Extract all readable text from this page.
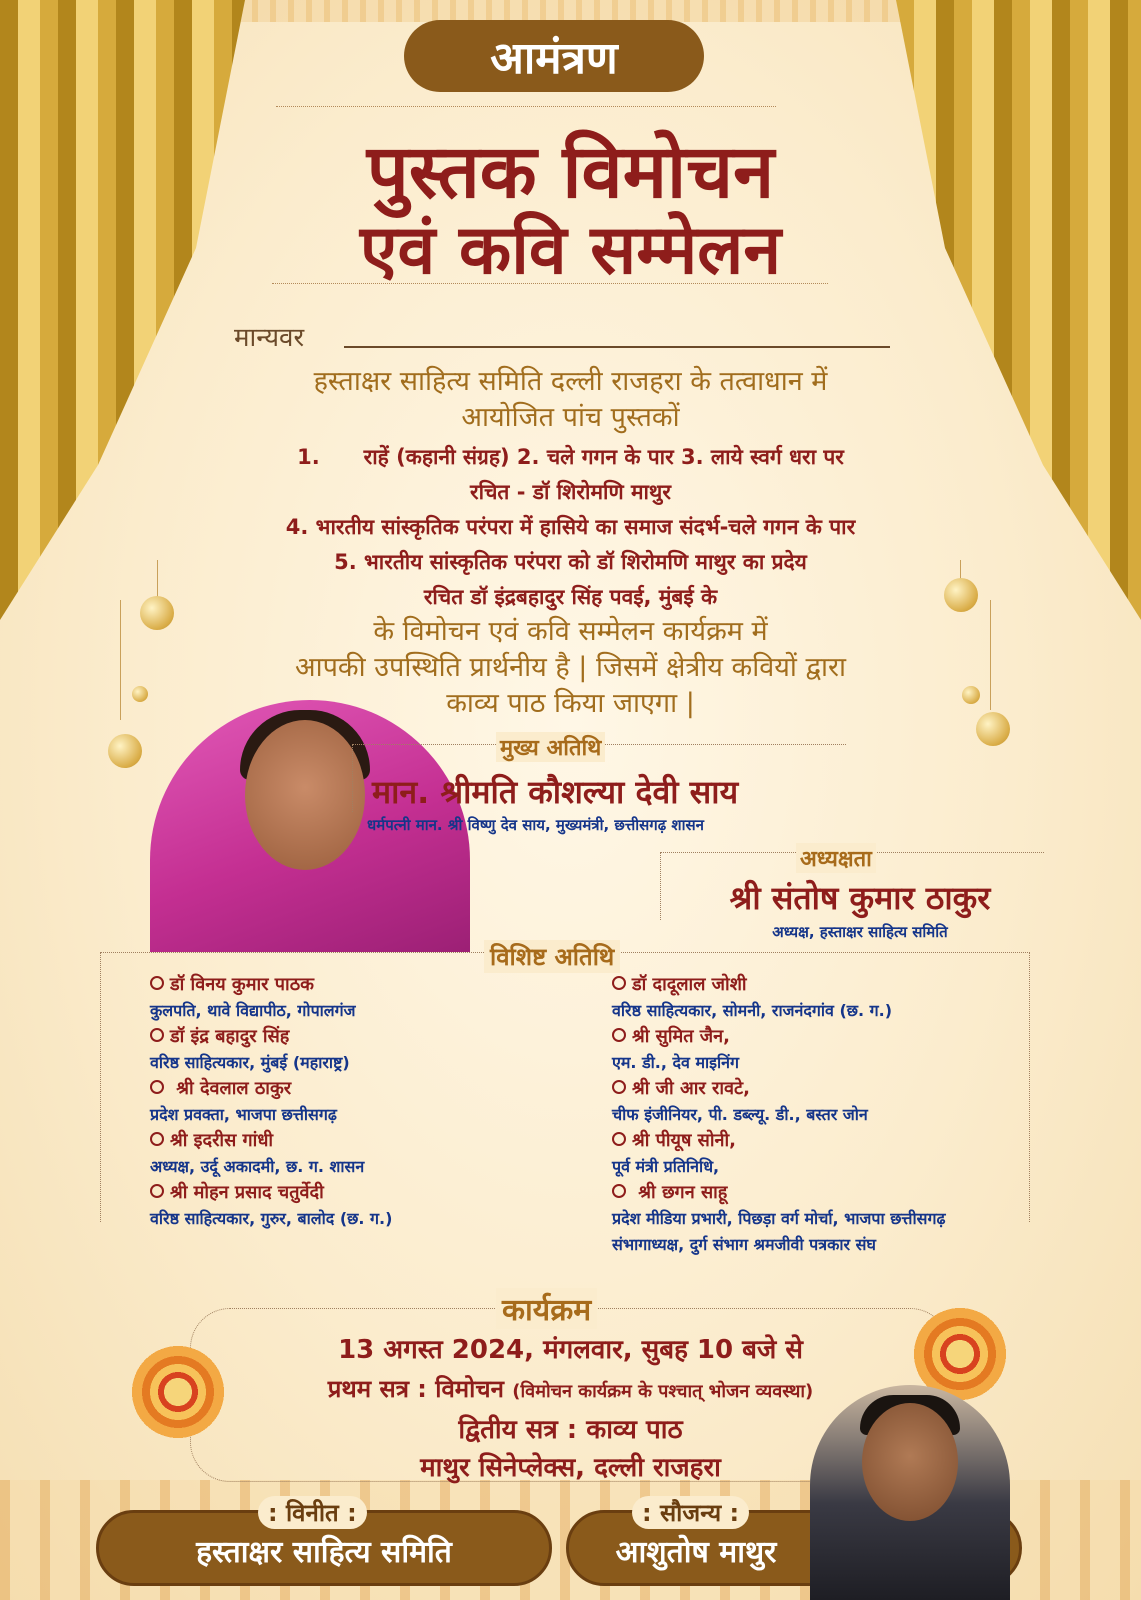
आमंत्रण
पुस्तक विमोचन
एवं कवि सम्मेलन
मान्यवर
हस्ताक्षर साहित्य समिति दल्ली राजहरा के तत्वाधान में
आयोजित पांच पुस्तकों
1.      राहें (कहानी संग्रह) 2. चले गगन के पार 3. लाये स्वर्ग धरा पर
रचित - डॉ शिरोमणि माथुर
4. भारतीय सांस्कृतिक परंपरा में हासिये का समाज संदर्भ-चले गगन के पार
5. भारतीय सांस्कृतिक परंपरा को डॉ शिरोमणि माथुर का प्रदेय
रचित डॉ इंद्रबहादुर सिंह पवई, मुंबई के
के विमोचन एवं कवि सम्मेलन कार्यक्रम में
आपकी उपस्थिति प्रार्थनीय है | जिसमें क्षेत्रीय कवियों द्वारा
काव्य पाठ किया जाएगा |
मुख्य अतिथि
मान. श्रीमति कौशल्या देवी साय
धर्मपत्नी मान. श्री विष्णु देव साय, मुख्यमंत्री, छत्तीसगढ़ शासन
अध्यक्षता
श्री संतोष कुमार ठाकुर
अध्यक्ष, हस्ताक्षर साहित्य समिति
विशिष्ट अतिथि
डॉ विनय कुमार पाठक
कुलपति, थावे विद्यापीठ, गोपालगंज
डॉ इंद्र बहादुर सिंह
वरिष्ठ साहित्यकार, मुंबई (महाराष्ट्र)
श्री देवलाल ठाकुर
प्रदेश प्रवक्ता, भाजपा छत्तीसगढ़
श्री इदरीस गांधी
अध्यक्ष, उर्दू अकादमी, छ. ग. शासन
श्री मोहन प्रसाद चतुर्वेदी
वरिष्ठ साहित्यकार, गुरुर, बालोद (छ. ग.)
डॉ दादूलाल जोशी
वरिष्ठ साहित्यकार, सोमनी, राजनंदगांव (छ. ग.)
श्री सुमित जैन,
एम. डी., देव माइनिंग
श्री जी आर रावटे,
चीफ इंजीनियर, पी. डब्ल्यू. डी., बस्तर जोन
श्री पीयूष सोनी,
पूर्व मंत्री प्रतिनिधि,
श्री छगन साहू
प्रदेश मीडिया प्रभारी, पिछड़ा वर्ग मोर्चा, भाजपा छत्तीसगढ़
संभागाध्यक्ष, दुर्ग संभाग श्रमजीवी पत्रकार संघ
कार्यक्रम
13 अगस्त 2024, मंगलवार, सुबह 10 बजे से
प्रथम सत्र : विमोचन (विमोचन कार्यक्रम के पश्चात् भोजन व्यवस्था)
द्वितीय सत्र : काव्य पाठ
माथुर सिनेप्लेक्स, दल्ली राजहरा
: विनीत :
हस्ताक्षर साहित्य समिति
: सौजन्य :
आशुतोष माथुर
